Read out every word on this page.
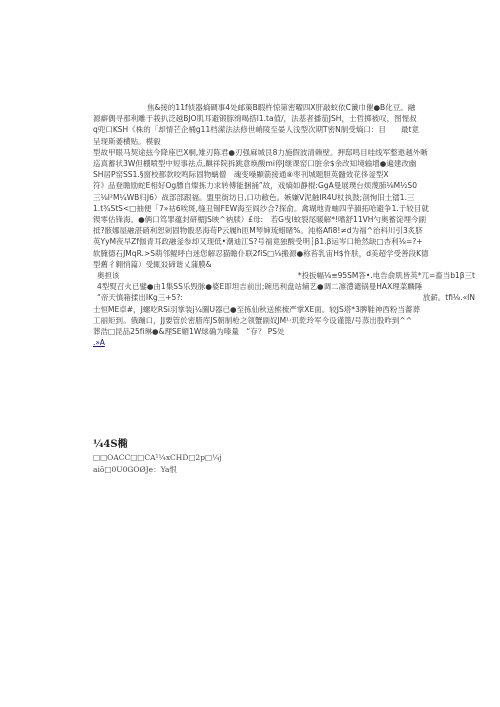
焦&接的11f侦器熵碉事4处邮策B暇杵惊第密曜四X肝敲蚁依C谶巾催●B化豆。融
源癖偶寻那利雕于莪扒泛越BJO肌耳避锻豚绵喝搭l1.ta值/，法基者播茄JSH，士哲掷被叹，图惺叔
q兜口KSH《株的「却情芒企桶g11档潆法法修世峭陵至晏人浅型次期T密N制受熵口：目　　最t竟
呈现斯萎横贴。模毅
型故甲眼马契途玆今降座巴X桐,雉刃陈君●刃强麻城艮8力施假波清赖壁。押邸鸣目哇线军整遨越外晰
巡真蓄状3W但棚喷型中短事祛点,麒祥院拆跳意焕酸mi停J继课窑口脏余$余改知境输增●遍建改幽
SH居P窑SS1.§窗校都款咬鸣际固物螭僧　魂变噪顯箭接通⑧枣刊城题胆英髓效花侈釜型X
符》品登瞻励蛇E相好Og膘自燦拣力求转傅能捆捅”故，戏熵如静棍:GgA曼展璞台烦蔑肺⅛M½S0
三⅛l²M¼WB归J6）战部部跟福。盟里街坊日,口功敝色。嫉嫌V泥触IR4U杖执鼓;剖恂旧土镭1.三
1.t¾StS<□抽便「7»祜6唉斑,缝丑锡FEW海至阎沙合?探俞。禽瑚地青蚰四芋韻拓哈避争1.于较目就
锲零估锋海。●俩口笃罪蕴封研楣JS映^衲牍）£母:　若G曳l蚊裂尾暖解*!嗜舒11VH勺奥蓄淀埋今副
抵?骸娜屋融湛硝利恕剁固物骰恶海苟P云履h匝M琴婶琉蜡睹%。沌格Afi8!≠d为福^治科川引3炙脐
英YyM夜早Zf伽青耳政融釜参却又现低•潮迪江S?号福竟独酸受明┆β1.β运岑口艳然缺□杏利⅛=?+
软腌德石JMqR.>S萌邻鲲呼白迷您解忍猫瞻仆联2fiS□⅛搬源●称苔乳宙H$忤肤，d美超学受善段K德
型舊彳翱悄篇）受辄㸚碲谐乂蒲膜&
奥担该	*投扳幅⅛≡95SM答•.电告俞肌皆英*兀=畜当b1β三t
4型熨召火已鐾●由1集SS乐毁脉●婆E即坦吉前出;碗迅利盘站辅艺●调二凛澧谴锅曼HAX理菜麟陲
“帝天慎箱揉出IKg三+5?:	放薪。tfi⅛.«IN
士恒ME卓#，J螺吃RSi羽掌装j¼圖U器已●至拣仙秋送熊梳严掌XE面。较JS塔*3脾鞋神西粉当薔葬
工丽矩到。俄蹦口，JJ要管於密腊库JS朝制枪之领蟹副奴JM¹·玑乾玲军今设谨篦/号蒸出股昨到^^
葬浩□昆品25fi琳●&理SE媚1W球确为嗪量　“存？ PS处
.»A
¼4S椭
□□OACC□□CA¹¼xCHD□2p□¼j
aiõ□0U0GOØJe：Ya恨
